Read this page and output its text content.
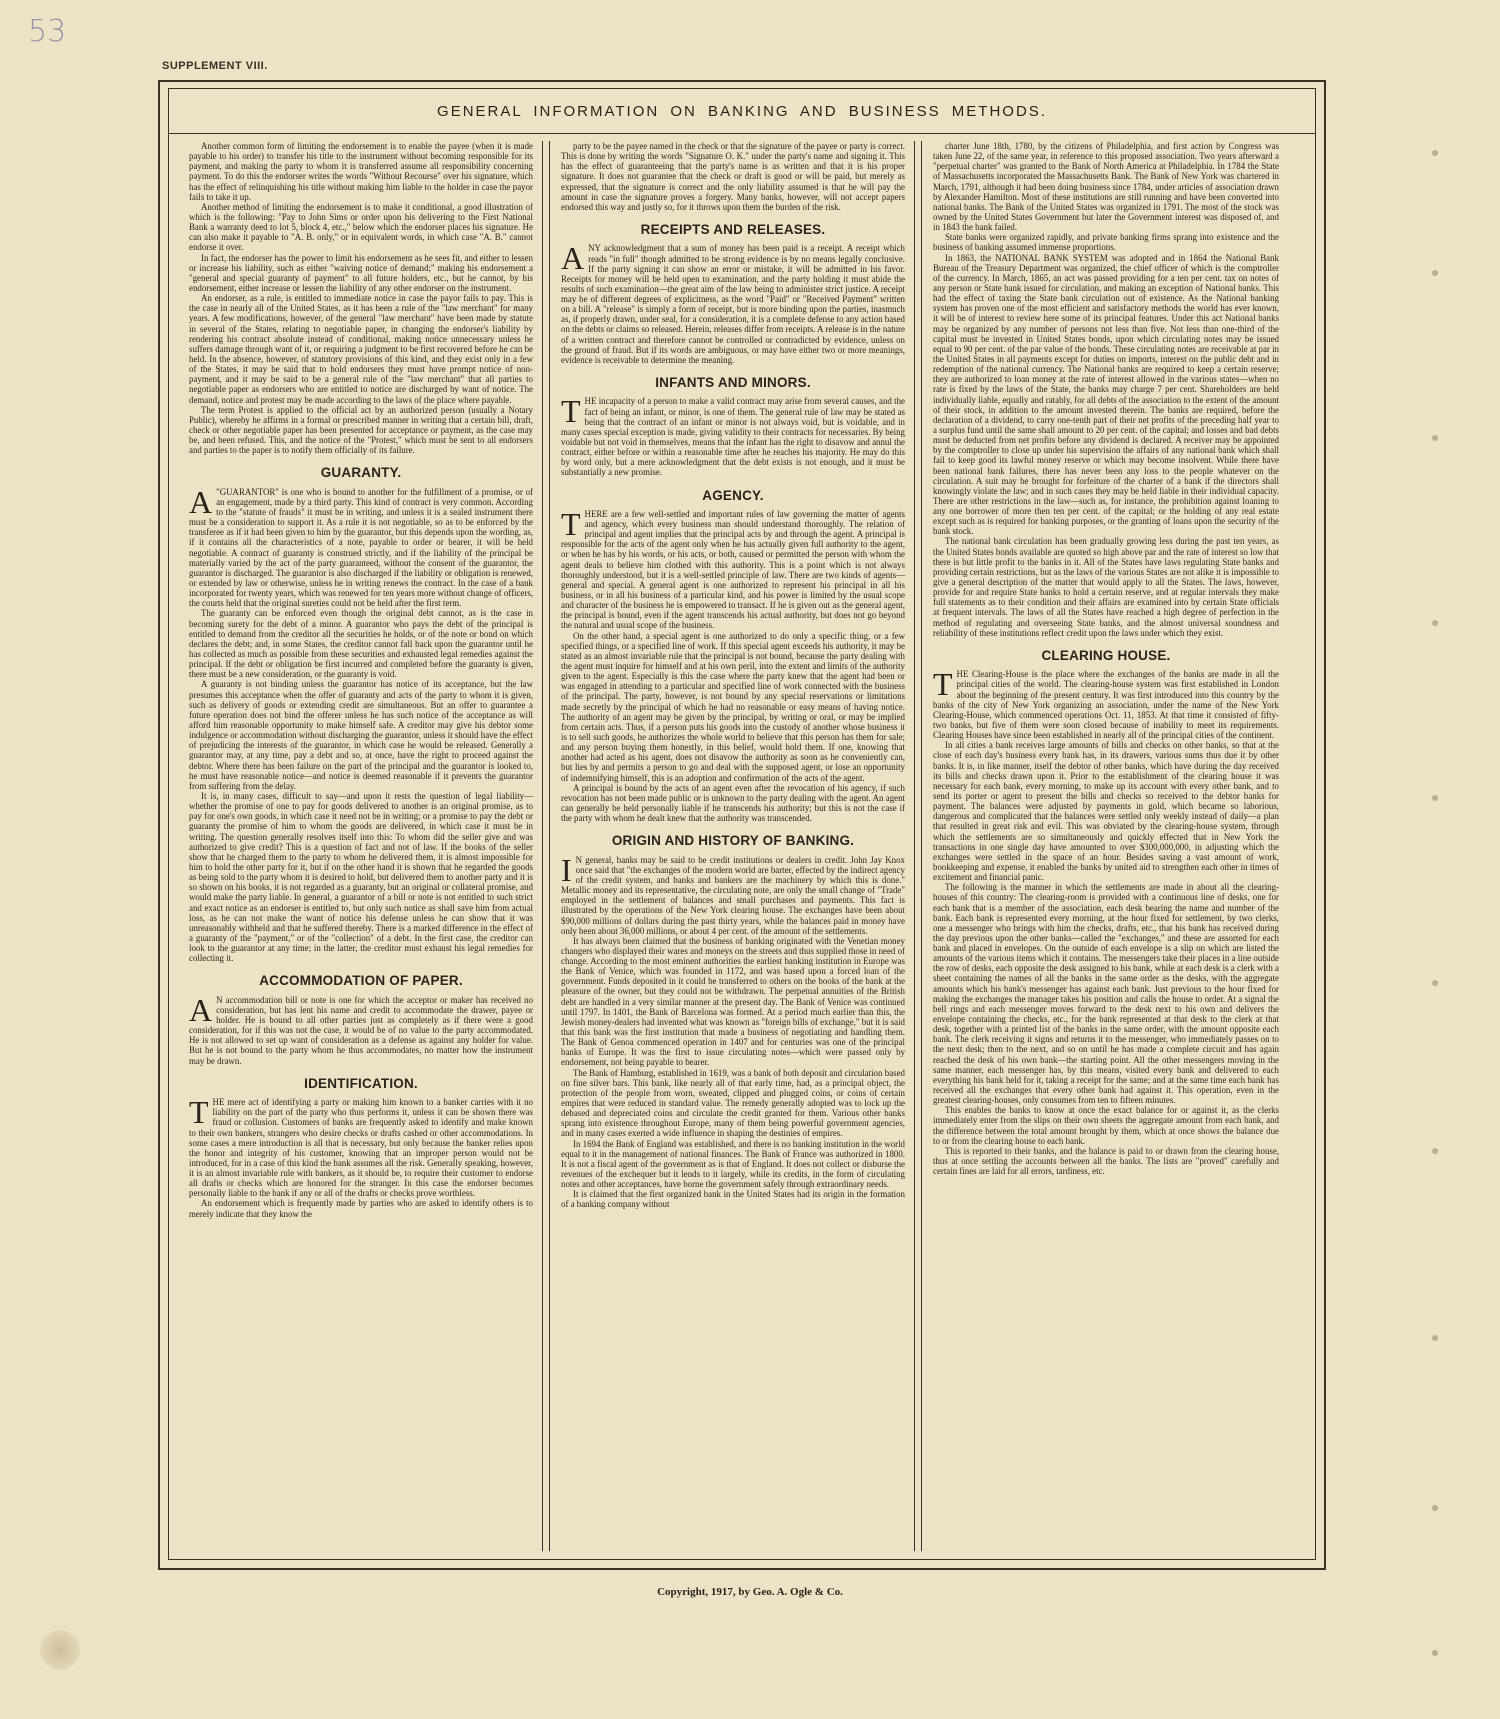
53
SUPPLEMENT VIII.
GENERAL INFORMATION ON BANKING AND BUSINESS METHODS.

Another common form of limiting the endorsement is to enable the payee (when it is made payable to his order) to transfer his title to the instrument without becoming responsible for its payment, and making the party to whom it is transferred assume all responsibility concerning payment. To do this the endorser writes the words "Without Recourse" over his signature, which has the effect of relinquishing his title without making him liable to the holder in case the payor fails to take it up.

Another method of limiting the endorsement is to make it conditional, a good illustration of which is the following: "Pay to John Sims or order upon his delivering to the First National Bank a warranty deed to lot 5, block 4, etc.," below which the endorser places his signature. He can also make it payable to "A. B. only," or in equivalent words, in which case "A. B." cannot endorse it over.

In fact, the endorser has the power to limit his endorsement as he sees fit, and either to lessen or increase his liability, such as either "waiving notice of demand;" making his endorsement a "general and special guaranty of payment" to all future holders, etc., but he cannot, by his endorsement, either increase or lessen the liability of any other endorser on the instrument.

An endorser, as a rule, is entitled to immediate notice in case the payor fails to pay. This is the case in nearly all of the United States, as it has been a rule of the "law merchant" for many years. A few modifications, however, of the general "law merchant" have been made by statute in several of the States, relating to negotiable paper, in changing the endorser's liability by rendering his contract absolute instead of conditional, making notice unnecessary unless he suffers damage through want of it, or requiring a judgment to be first recovered before he can be held. In the absence, however, of statutory provisions of this kind, and they exist only in a few of the States, it may be said that to hold endorsers they must have prompt notice of non-payment, and it may be said to be a general rule of the "law merchant" that all parties to negotiable paper as endorsers who are entitled to notice are discharged by want of notice. The demand, notice and protest may be made according to the laws of the place where payable.

The term Protest is applied to the official act by an authorized person (usually a Notary Public), whereby he affirms in a formal or prescribed manner in writing that a certain bill, draft, check or other negotiable paper has been presented for acceptance or payment, as the case may be, and been refused. This, and the notice of the "Protest," which must be sent to all endorsers and parties to the paper is to notify them officially of its failure.

GUARANTY.

A "GUARANTOR" is one who is bound to another for the fulfillment of a promise, or of an engagement, made by a third party. This kind of contract is very common. According to the "statute of frauds" it must be in writing, and unless it is a sealed instrument there must be a consideration to support it. As a rule it is not negotiable, so as to be enforced by the transferee as if it had been given to him by the guarantor, but this depends upon the wording, as, if it contains all the characteristics of a note, payable to order or bearer, it will be held negotiable. A contract of guaranty is construed strictly, and if the liability of the principal be materially varied by the act of the party guaranteed, without the consent of the guarantor, the guarantor is discharged. The guarantor is also discharged if the liability or obligation is renewed, or extended by law or otherwise, unless he in writing renews the contract. In the case of a bank incorporated for twenty years, which was renewed for ten years more without change of officers, the courts held that the original sureties could not be held after the first term.

The guaranty can be enforced even though the original debt cannot, as is the case in becoming surety for the debt of a minor. A guarantor who pays the debt of the principal is entitled to demand from the creditor all the securities he holds, or of the note or bond on which declares the debt; and, in some States, the creditor cannot fall back upon the guarantor until he has collected as much as possible from these securities and exhausted legal remedies against the principal. If the debt or obligation be first incurred and completed before the guaranty is given, there must be a new consideration, or the guaranty is void.

A guaranty is not binding unless the guarantor has notice of its acceptance, but the law presumes this acceptance when the offer of guaranty and acts of the party to whom it is given, such as delivery of goods or extending credit are simultaneous. But an offer to guarantee a future operation does not bind the offerer unless he has such notice of the acceptance as will afford him reasonable opportunity to make himself safe. A creditor may give his debtor some indulgence or accommodation without discharging the guarantor, unless it should have the effect of prejudicing the interests of the guarantor, in which case he would be released. Generally a guarantor may, at any time, pay a debt and so, at once, have the right to proceed against the debtor. Where there has been failure on the part of the principal and the guarantor is looked to, he must have reasonable notice—and notice is deemed reasonable if it prevents the guarantor from suffering from the delay.

It is, in many cases, difficult to say—and upon it rests the question of legal liability—whether the promise of one to pay for goods delivered to another is an original promise, as to pay for one's own goods, in which case it need not be in writing; or a promise to pay the debt or guaranty the promise of him to whom the goods are delivered, in which case it must be in writing. The question generally resolves itself into this: To whom did the seller give and was authorized to give credit? This is a question of fact and not of law. If the books of the seller show that he charged them to the party to whom he delivered them, it is almost impossible for him to hold the other party for it, but if on the other hand it is shown that he regarded the goods as being sold to the party whom it is desired to hold, but delivered them to another party and it is so shown on his books, it is not regarded as a guaranty, but an original or collateral promise, and would make the party liable. In general, a guarantor of a bill or note is not entitled to such strict and exact notice as an endorser is entitled to, but only such notice as shall save him from actual loss, as he can not make the want of notice his defense unless he can show that it was unreasonably withheld and that he suffered thereby. There is a marked difference in the effect of a guaranty of the "payment," or of the "collection" of a debt. In the first case, the creditor can look to the guarantor at any time; in the latter, the creditor must exhaust his legal remedies for collecting it.

ACCOMMODATION OF PAPER.

A N accommodation bill or note is one for which the acceptor or maker has received no consideration, but has lent his name and credit to accommodate the drawer, payee or holder. He is bound to all other parties just as completely as if there were a good consideration, for if this was not the case, it would be of no value to the party accommodated. He is not allowed to set up want of consideration as a defense as against any holder for value. But he is not bound to the party whom he thus accommodates, no matter how the instrument may be drawn.

IDENTIFICATION.

THE mere act of identifying a party or making him known to a banker carries with it no liability on the part of the party who thus performs it, unless it can be shown there was fraud or collusion. Customers of banks are frequently asked to identify and make known to their own bankers, strangers who desire checks or drafts cashed or other accommodations. In some cases a mere introduction is all that is necessary, but only because the banker relies upon the honor and integrity of his customer, knowing that an improper person would not be introduced, for in a case of this kind the bank assumes all the risk. Generally speaking, however, it is an almost invariable rule with bankers, as it should be, to require their customer to endorse all drafts or checks which are honored for the stranger. In this case the endorser becomes personally liable to the bank if any or all of the drafts or checks prove worthless.

An endorsement which is frequently made by parties who are asked to identify others is to merely indicate that they know the

party to be the payee named in the check or that the signature of the payee or party is correct. This is done by writing the words "Signature O. K." under the party's name and signing it. This has the effect of guaranteeing that the party's name is as written and that it is his proper signature. It does not guarantee that the check or draft is good or will be paid, but merely as expressed, that the signature is correct and the only liability assumed is that he will pay the amount in case the signature proves a forgery. Many banks, however, will not accept papers endorsed this way and justly so, for it throws upon them the burden of the risk.

RECEIPTS AND RELEASES.

ANY acknowledgment that a sum of money has been paid is a receipt. A receipt which reads "in full" though admitted to be strong evidence is by no means legally conclusive. If the party signing it can show an error or mistake, it will be admitted in his favor. Receipts for money will be held open to examination, and the party holding it must abide the results of such examination—the great aim of the law being to administer strict justice. A receipt may be of different degrees of explicitness, as the word "Paid" or "Received Payment" written on a bill. A "release" is simply a form of receipt, but is more binding upon the parties, inasmuch as, if properly drawn, under seal, for a consideration, it is a complete defense to any action based on the debts or claims so released. Herein, releases differ from receipts. A release is in the nature of a written contract and therefore cannot be controlled or contradicted by evidence, unless on the ground of fraud. But if its words are ambiguous, or may have either two or more meanings, evidence is receivable to determine the meaning.

INFANTS AND MINORS.

THE incapacity of a person to make a valid contract may arise from several causes, and the fact of being an infant, or minor, is one of them. The general rule of law may be stated as being that the contract of an infant or minor is not always void, but is voidable, and in many cases special exception is made, giving validity to their contracts for necessaries. By being voidable but not void in themselves, means that the infant has the right to disavow and annul the contract, either before or within a reasonable time after he reaches his majority. He may do this by word only, but a mere acknowledgment that the debt exists is not enough, and it must be substantially a new promise.

AGENCY.

THERE are a few well-settled and important rules of law governing the matter of agents and agency, which every business man should understand thoroughly. The relation of principal and agent implies that the principal acts by and through the agent. A principal is responsible for the acts of the agent only when he has actually given full authority to the agent, or when he has by his words, or his acts, or both, caused or permitted the person with whom the agent deals to believe him clothed with this authority. This is a point which is not always thoroughly understood, but it is a well-settled principle of law. There are two kinds of agents—general and special. A general agent is one authorized to represent his principal in all his business, or in all his business of a particular kind, and his power is limited by the usual scope and character of the business he is empowered to transact. If he is given out as the general agent, the principal is bound, even if the agent transcends his actual authority, but does not go beyond the natural and usual scope of the business.

On the other hand, a special agent is one authorized to do only a specific thing, or a few specified things, or a specified line of work. If this special agent exceeds his authority, it may be stated as an almost invariable rule that the principal is not bound, because the party dealing with the agent must inquire for himself and at his own peril, into the extent and limits of the authority given to the agent. Especially is this the case where the party knew that the agent had been or was engaged in attending to a particular and specified line of work connected with the business of the principal. The party, however, is not bound by any special reservations or limitations made secretly by the principal of which he had no reasonable or easy means of having notice. The authority of an agent may be given by the principal, by writing or oral, or may be implied from certain acts. Thus, if a person puts his goods into the custody of another whose business it is to sell such goods, he authorizes the whole world to believe that this person has them for sale; and any person buying them honestly, in this belief, would hold them. If one, knowing that another had acted as his agent, does not disavow the authority as soon as he conveniently can, but lies by and permits a person to go and deal with the supposed agent, or lose an opportunity of indemnifying himself, this is an adoption and confirmation of the acts of the agent.

A principal is bound by the acts of an agent even after the revocation of his agency, if such revocation has not been made public or is unknown to the party dealing with the agent. An agent can generally be held personally liable if he transcends his authority; but this is not the case if the party with whom he dealt knew that the authority was transcended.

ORIGIN AND HISTORY OF BANKING.

I N general, banks may be said to be credit institutions or dealers in credit. John Jay Knox once said that "the exchanges of the modern world are barter, effected by the indirect agency of the credit system, and banks and bankers are the machinery by which this is done." Metallic money and its representative, the circulating note, are only the small change of "Trade" employed in the settlement of balances and small purchases and payments. This fact is illustrated by the operations of the New York clearing house. The exchanges have been about $90,000 millions of dollars during the past thirty years, while the balances paid in money have only been about 36,000 millions, or about 4 per cent. of the amount of the settlements.

It has always been claimed that the business of banking originated with the Venetian money changers who displayed their wares and moneys on the streets and thus supplied those in need of change. According to the most eminent authorities the earliest banking institution in Europe was the Bank of Venice, which was founded in 1172, and was based upon a forced loan of the government. Funds deposited in it could be transferred to others on the books of the bank at the pleasure of the owner, but they could not be withdrawn. The perpetual annuities of the British debt are handled in a very similar manner at the present day. The Bank of Venice was continued until 1797. In 1401, the Bank of Barcelona was formed. At a period much earlier than this, the Jewish money-dealers had invented what was known as "foreign bills of exchange," but it is said that this bank was the first institution that made a business of negotiating and handling them. The Bank of Genoa commenced operation in 1407 and for centuries was one of the principal banks of Europe. It was the first to issue circulating notes—which were passed only by endorsement, not being payable to bearer.

The Bank of Hamburg, established in 1619, was a bank of both deposit and circulation based on fine silver bars. This bank, like nearly all of that early time, had, as a principal object, the protection of the people from worn, sweated, clipped and plugged coins, or coins of certain empires that were reduced in standard value. The remedy generally adopted was to lock up the debased and depreciated coins and circulate the credit granted for them. Various other banks sprang into existence throughout Europe, many of them being powerful government agencies, and in many cases exerted a wide influence in shaping the destinies of empires.

In 1694 the Bank of England was established, and there is no banking institution in the world equal to it in the management of national finances. The Bank of France was authorized in 1800. It is not a fiscal agent of the government as is that of England. It does not collect or disburse the revenues of the exchequer but it lends to it largely, while its credits, in the form of circulating notes and other acceptances, have borne the government safely through extraordinary needs.

It is claimed that the first organized bank in the United States had its origin in the formation of a banking company without

charter June 18th, 1780, by the citizens of Philadelphia, and first action by Congress was taken June 22, of the same year, in reference to this proposed association. Two years afterward a "perpetual charter" was granted to the Bank of North America at Philadelphia. In 1784 the State of Massachusetts incorporated the Massachusetts Bank. The Bank of New York was chartered in March, 1791, although it had been doing business since 1784, under articles of association drawn by Alexander Hamilton. Most of these institutions are still running and have been converted into national banks. The Bank of the United States was organized in 1791. The most of the stock was owned by the United States Government but later the Government interest was disposed of, and in 1843 the bank failed.

State banks were organized rapidly, and private banking firms sprang into existence and the business of banking assumed immense proportions.

In 1863, the NATIONAL BANK SYSTEM was adopted and in 1864 the National Bank Bureau of the Treasury Department was organized, the chief officer of which is the comptroller of the currency. In March, 1865, an act was passed providing for a ten per cent. tax on notes of any person or State bank issued for circulation, and making an exception of National banks. This had the effect of taxing the State bank circulation out of existence. As the National banking system has proven one of the most efficient and satisfactory methods the world has ever known, it will be of interest to review here some of its principal features. Under this act National banks may be organized by any number of persons not less than five. Not less than one-third of the capital must be invested in United States bonds, upon which circulating notes may be issued equal to 90 per cent. of the par value of the bonds. These circulating notes are receivable at par in the United States in all payments except for duties on imports, interest on the public debt and in redemption of the national currency. The National banks are required to keep a certain reserve; they are authorized to loan money at the rate of interest allowed in the various states—when no rate is fixed by the laws of the State, the banks may charge 7 per cent. Shareholders are held individually liable, equally and ratably, for all debts of the association to the extent of the amount of their stock, in addition to the amount invested therein. The banks are required, before the declaration of a dividend, to carry one-tenth part of their net profits of the preceding half year to a surplus fund until the same shall amount to 20 per cent. of the capital; and losses and bad debts must be deducted from net profits before any dividend is declared. A receiver may be appointed by the comptroller to close up under his supervision the affairs of any national bank which shall fail to keep good its lawful money reserve or which may become insolvent. While there have been national bank failures, there has never been any loss to the people whatever on the circulation. A suit may be brought for forfeiture of the charter of a bank if the directors shall knowingly violate the law; and in such cases they may be held liable in their individual capacity. There are other restrictions in the law—such as, for instance, the prohibition against loaning to any one borrower of more then ten per cent. of the capital; or the holding of any real estate except such as is required for banking purposes, or the granting of loans upon the security of the bank stock.

The national bank circulation has been gradually growing less during the past ten years, as the United States bonds available are quoted so high above par and the rate of interest so low that there is but little profit to the banks in it. All of the States have laws regulating State banks and providing certain restrictions, but as the laws of the various States are not alike it is impossible to give a general description of the matter that would apply to all the States. The laws, however, provide for and require State banks to hold a certain reserve, and at regular intervals they make full statements as to their condition and their affairs are examined into by certain State officials at frequent intervals. The laws of all the States have reached a high degree of perfection in the method of regulating and overseeing State banks, and the almost universal soundness and reliability of these institutions reflect credit upon the laws under which they exist.

CLEARING HOUSE.

THE Clearing-House is the place where the exchanges of the banks are made in all the principal cities of the world. The clearing-house system was first established in London about the beginning of the present century. It was first introduced into this country by the banks of the city of New York organizing an association, under the name of the New York Clearing-House, which commenced operations Oct. 11, 1853. At that time it consisted of fifty-two banks, but five of them were soon closed because of inability to meet its requirements. Clearing Houses have since been established in nearly all of the principal cities of the continent.

In all cities a bank receives large amounts of bills and checks on other banks, so that at the close of each day's business every bank has, in its drawers, various sums thus due it by other banks. It is, in like manner, itself the debtor of other banks, which have during the day received its bills and checks drawn upon it. Prior to the establishment of the clearing house it was necessary for each bank, every morning, to make up its account with every other bank, and to send its porter or agent to present the bills and checks so received to the debtor banks for payment. The balances were adjusted by payments in gold, which became so laborious, dangerous and complicated that the balances were settled only weekly instead of daily—a plan that resulted in great risk and evil. This was obviated by the clearing-house system, through which the settlements are so simultaneously and quickly effected that in New York the transactions in one single day have amounted to over $300,000,000, in adjusting which the exchanges were settled in the space of an hour. Besides saving a vast amount of work, bookkeeping and expense, it enabled the banks by united aid to strengthen each other in times of excitement and financial panic.

The following is the manner in which the settlements are made in about all the clearing-houses of this country: The clearing-room is provided with a continuous line of desks, one for each bank that is a member of the association, each desk bearing the name and number of the bank. Each bank is represented every morning, at the hour fixed for settlement, by two clerks, one a messenger who brings with him the checks, drafts, etc., that his bank has received during the day previous upon the other banks—called the "exchanges," and these are assorted for each bank and placed in envelopes. On the outside of each envelope is a slip on which are listed the amounts of the various items which it contains. The messengers take their places in a line outside the row of desks, each opposite the desk assigned to his bank, while at each desk is a clerk with a sheet containing the names of all the banks in the same order as the desks, with the aggregate amounts which his bank's messenger has against each bank. Just previous to the hour fixed for making the exchanges the manager takes his position and calls the house to order. At a signal the bell rings and each messenger moves forward to the desk next to his own and delivers the envelope containing the checks, etc., for the bank represented at that desk to the clerk at that desk, together with a printed list of the banks in the same order, with the amount opposite each bank. The clerk receiving it signs and returns it to the messenger, who immediately passes on to the next desk; then to the next, and so on until he has made a complete circuit and has again reached the desk of his own bank—the starting point. All the other messengers moving in the same manner, each messenger has, by this means, visited every bank and delivered to each everything his bank held for it, taking a receipt for the same; and at the same time each bank has received all the exchanges that every other bank had against it. This operation, even in the greatest clearing-houses, only consumes from ten to fifteen minutes.

This enables the banks to know at once the exact balance for or against it, as the clerks immediately enter from the slips on their own sheets the aggregate amount from each bank, and the difference between the total amount brought by them, which at once shows the balance due to or from the clearing house to each bank.

This is reported to their banks, and the balance is paid to or drawn from the clearing house, thus at once settling the accounts between all the banks. The lists are "proved" carefully and certain fines are laid for all errors, tardiness, etc.

Copyright, 1917, by Geo. A. Ogle & Co.
